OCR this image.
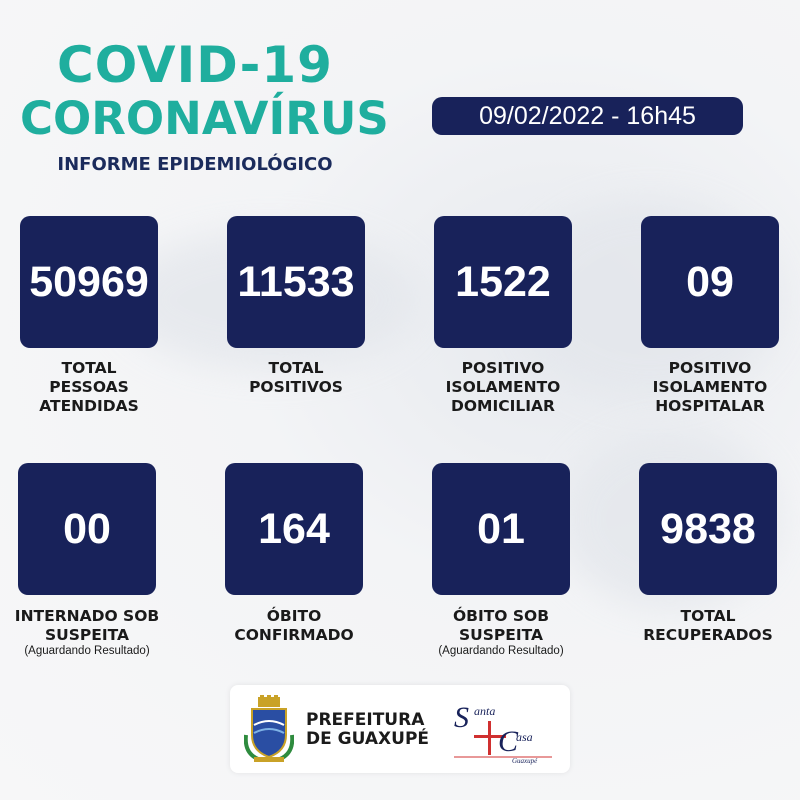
COVID-19
CORONAVÍRUS
INFORME EPIDEMIOLÓGICO
09/02/2022 - 16h45
50969 11533	1522	09
TOTAL
PESSOAS
ATENDIDAS
TOTAL
POSITIVOS
POSITIVO
ISOLAMENTO
DOMICILIAR
POSITIVO
ISOLAMENTO
HOSPITALAR
00	164	01	9838
INTERNADO SOB
SUSPEITA
(Aguardando Resultado)
ÓBITO
CONFIRMADO
ÓBITO SOB
SUSPEITA
(Aguardando Resultado)
TOTAL
RECUPERADOS
PREFEITURA
DE GUAXUPÉ
S anta
C
asa
Guaxupé
